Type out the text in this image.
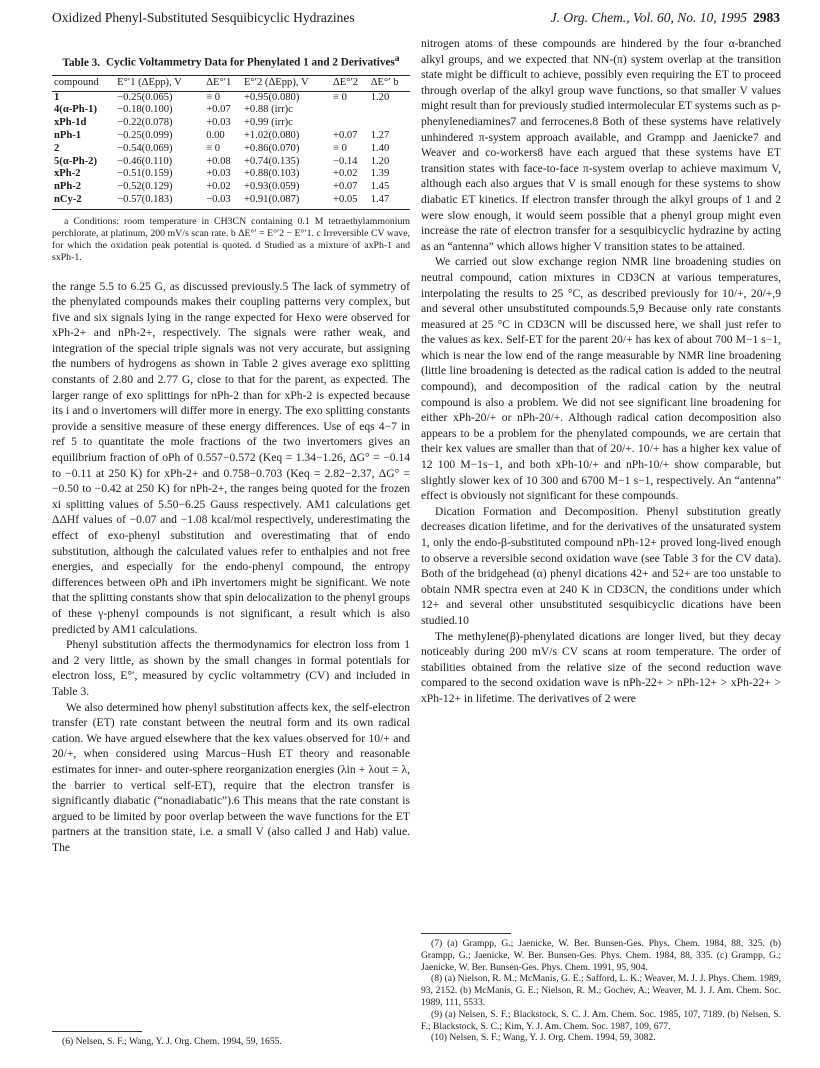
Oxidized Phenyl-Substituted Sesquibicyclic Hydrazines	J. Org. Chem., Vol. 60, No. 10, 1995 2983
Table 3. Cyclic Voltammetry Data for Phenylated 1 and 2 Derivatives$^a$
compound	E°′1 (ΔEpp), V	ΔE°′1	E°′2 (ΔEpp), V	ΔE°′2	ΔE°′ b
1	−0.25(0.065)	≡ 0	+0.95(0.080)	≡ 0	1.20
4(α-Ph-1)	−0.18(0.100)	+0.07	+0.88 (irr)c		
xPh-1d	−0.22(0.078)	+0.03	+0.99 (irr)c		
nPh-1	−0.25(0.099)	0.00	+1.02(0.080)	+0.07	1.27
2	−0.54(0.069)	≡ 0	+0.86(0.070)	≡ 0	1.40
5(α-Ph-2)	−0.46(0.110)	+0.08	+0.74(0.135)	−0.14	1.20
xPh-2	−0.51(0.159)	+0.03	+0.88(0.103)	+0.02	1.39
nPh-2	−0.52(0.129)	+0.02	+0.93(0.059)	+0.07	1.45
nCy-2	−0.57(0.183)	−0.03	+0.91(0.087)	+0.05	1.47
a Conditions: room temperature in CH3CN containing 0.1 M tetraethylammonium perchlorate, at platinum, 200 mV/s scan rate. b ΔE°′ = E°′2 − E°′1. c Irreversible CV wave, for which the oxidation peak potential is quoted. d Studied as a mixture of axPh-1 and sxPh-1.

the range 5.5 to 6.25 G, as discussed previously.5 The lack of symmetry of the phenylated compounds makes their coupling patterns very complex, but five and six signals lying in the range expected for Hexo were observed for xPh-2+ and nPh-2+, respectively. The signals were rather weak, and integration of the special triple signals was not very accurate, but assigning the numbers of hydrogens as shown in Table 2 gives average exo splitting constants of 2.80 and 2.77 G, close to that for the parent, as expected. The larger range of exo splittings for nPh-2 than for xPh-2 is expected because its i and o invertomers will differ more in energy. The exo splitting constants provide a sensitive measure of these energy differences. Use of eqs 4−7 in ref 5 to quantitate the mole fractions of the two invertomers gives an equilibrium fraction of oPh of 0.557−0.572 (Keq = 1.34−1.26, ΔG° = −0.14 to −0.11 at 250 K) for xPh-2+ and 0.758−0.703 (Keq = 2.82−2.37, ΔG° = −0.50 to −0.42 at 250 K) for nPh-2+, the ranges being quoted for the frozen xi splitting values of 5.50−6.25 Gauss respectively. AM1 calculations get ΔΔHf values of −0.07 and −1.08 kcal/mol respectively, underestimating the effect of exo-phenyl substitution and overestimating that of endo substitution, although the calculated values refer to enthalpies and not free energies, and especially for the endo-phenyl compound, the entropy differences between oPh and iPh invertomers might be significant. We note that the splitting constants show that spin delocalization to the phenyl groups of these γ-phenyl compounds is not significant, a result which is also predicted by AM1 calculations.

Phenyl substitution affects the thermodynamics for electron loss from 1 and 2 very little, as shown by the small changes in formal potentials for electron loss, E°′, measured by cyclic voltammetry (CV) and included in Table 3.

We also determined how phenyl substitution affects kex, the self-electron transfer (ET) rate constant between the neutral form and its own radical cation. We have argued elsewhere that the kex values observed for 10/+ and 20/+, when considered using Marcus−Hush ET theory and reasonable estimates for inner- and outer-sphere reorganization energies (λin + λout = λ, the barrier to vertical self-ET), require that the electron transfer is significantly diabatic (“nonadiabatic”).6 This means that the rate constant is argued to be limited by poor overlap between the wave functions for the ET partners at the transition state, i.e. a small V (also called J and Hab) value. The

(6) Nelsen, S. F.; Wang, Y. J. Org. Chem. 1994, 59, 1655.

nitrogen atoms of these compounds are hindered by the four α-branched alkyl groups, and we expected that NN-(π) system overlap at the transition state might be difficult to achieve, possibly even requiring the ET to proceed through overlap of the alkyl group wave functions, so that smaller V values might result than for previously studied intermolecular ET systems such as p-phenylenediamines7 and ferrocenes.8 Both of these systems have relatively unhindered π-system approach available, and Grampp and Jaenicke7 and Weaver and co-workers8 have each argued that these systems have ET transition states with face-to-face π-system overlap to achieve maximum V, although each also argues that V is small enough for these systems to show diabatic ET kinetics. If electron transfer through the alkyl groups of 1 and 2 were slow enough, it would seem possible that a phenyl group might even increase the rate of electron transfer for a sesquibicyclic hydrazine by acting as an “antenna” which allows higher V transition states to be attained.

We carried out slow exchange region NMR line broadening studies on neutral compound, cation mixtures in CD3CN at various temperatures, interpolating the results to 25 °C, as described previously for 10/+, 20/+,9 and several other unsubstituted compounds.5,9 Because only rate constants measured at 25 °C in CD3CN will be discussed here, we shall just refer to the values as kex. Self-ET for the parent 20/+ has kex of about 700 M−1 s−1, which is near the low end of the range measurable by NMR line broadening (little line broadening is detected as the radical cation is added to the neutral compound), and decomposition of the radical cation by the neutral compound is also a problem. We did not see significant line broadening for either xPh-20/+ or nPh-20/+. Although radical cation decomposition also appears to be a problem for the phenylated compounds, we are certain that their kex values are smaller than that of 20/+. 10/+ has a higher kex value of 12 100 M−1s−1, and both xPh-10/+ and nPh-10/+ show comparable, but slightly slower kex of 10 300 and 6700 M−1 s−1, respectively. An “antenna” effect is obviously not significant for these compounds.

Dication Formation and Decomposition. Phenyl substitution greatly decreases dication lifetime, and for the derivatives of the unsaturated system 1, only the endo-β-substituted compound nPh-12+ proved long-lived enough to observe a reversible second oxidation wave (see Table 3 for the CV data). Both of the bridgehead (α) phenyl dications 42+ and 52+ are too unstable to obtain NMR spectra even at 240 K in CD3CN, the conditions under which 12+ and several other unsubstituted sesquibicyclic dications have been studied.10

The methylene(β)-phenylated dications are longer lived, but they decay noticeably during 200 mV/s CV scans at room temperature. The order of stabilities obtained from the relative size of the second reduction wave compared to the second oxidation wave is nPh-22+ > nPh-12+ > xPh-22+ > xPh-12+ in lifetime. The derivatives of 2 were

(7) (a) Grampp, G.; Jaenicke, W. Ber. Bunsen-Ges. Phys. Chem. 1984, 88, 325. (b) Grampp, G.; Jaenicke, W. Ber. Bunsen-Ges. Phys. Chem. 1984, 88, 335. (c) Grampp, G.; Jaenicke, W. Ber. Bunsen-Ges. Phys. Chem. 1991, 95, 904.
(8) (a) Nielson, R. M.; McManis, G. E.; Safford, L. K.; Weaver, M. J. J. Phys. Chem. 1989, 93, 2152. (b) McManis, G. E.; Nielson, R. M.; Gochev, A.; Weaver, M. J. J. Am. Chem. Soc. 1989, 111, 5533.
(9) (a) Nelsen, S. F.; Blackstock, S. C. J. Am. Chem. Soc. 1985, 107, 7189. (b) Nelsen, S. F.; Blackstock, S. C.; Kim, Y. J. Am. Chem. Soc. 1987, 109, 677.
(10) Nelsen, S. F.; Wang, Y. J. Org. Chem. 1994, 59, 3082.
